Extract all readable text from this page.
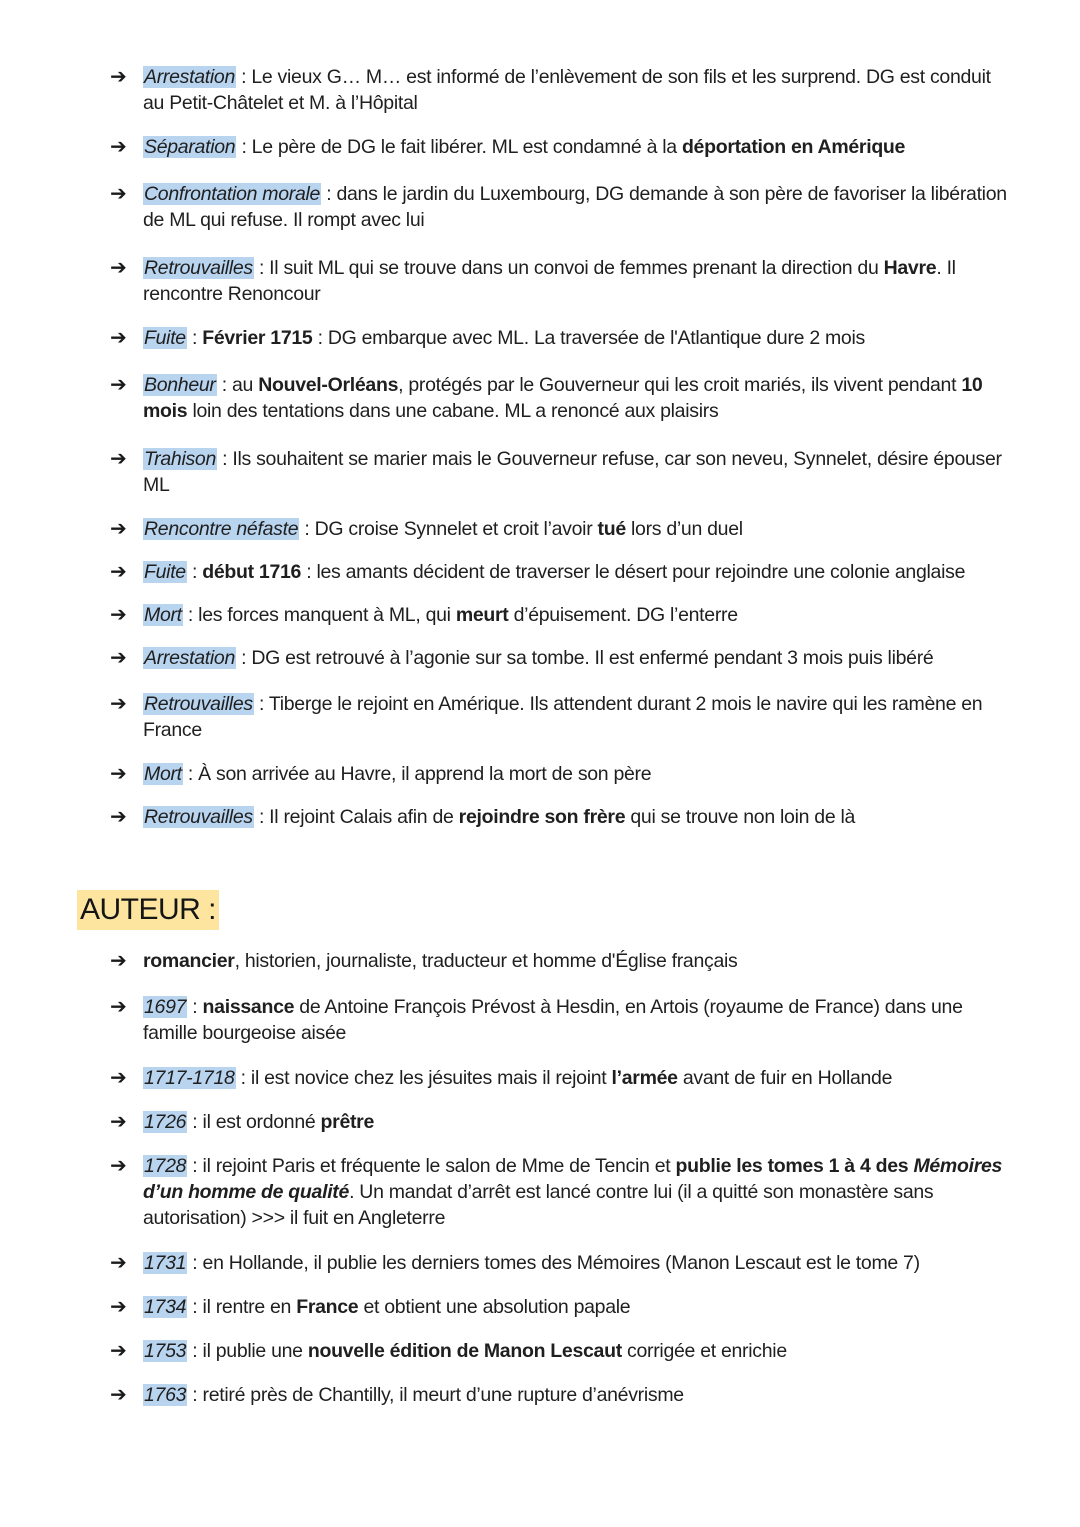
➔ Arrestation : Le vieux G… M… est informé de l’enlèvement de son fils et les surprend. DG est conduit au Petit-Châtelet et M. à l’Hôpital
➔ Séparation : Le père de DG le fait libérer. ML est condamné à la déportation en Amérique
➔ Confrontation morale : dans le jardin du Luxembourg, DG demande à son père de favoriser la libération de ML qui refuse. Il rompt avec lui
➔ Retrouvailles : Il suit ML qui se trouve dans un convoi de femmes prenant la direction du Havre. Il rencontre Renoncour
➔ Fuite : Février 1715 : DG embarque avec ML. La traversée de l'Atlantique dure 2 mois
➔ Bonheur : au Nouvel-Orléans, protégés par le Gouverneur qui les croit mariés, ils vivent pendant 10 mois loin des tentations dans une cabane. ML a renoncé aux plaisirs
➔ Trahison : Ils souhaitent se marier mais le Gouverneur refuse, car son neveu, Synnelet, désire épouser ML
➔ Rencontre néfaste : DG croise Synnelet et croit l’avoir tué lors d’un duel
➔ Fuite : début 1716 : les amants décident de traverser le désert pour rejoindre une colonie anglaise
➔ Mort : les forces manquent à ML, qui meurt d’épuisement. DG l’enterre
➔ Arrestation : DG est retrouvé à l’agonie sur sa tombe. Il est enfermé pendant 3 mois puis libéré
➔ Retrouvailles : Tiberge le rejoint en Amérique. Ils attendent durant 2 mois le navire qui les ramène en France
➔ Mort : À son arrivée au Havre, il apprend la mort de son père
➔ Retrouvailles : Il rejoint Calais afin de rejoindre son frère qui se trouve non loin de là
AUTEUR :
➔ romancier, historien, journaliste, traducteur et homme d'Église français
➔ 1697 : naissance de Antoine François Prévost à Hesdin, en Artois (royaume de France) dans une famille bourgeoise aisée
➔ 1717-1718 : il est novice chez les jésuites mais il rejoint l’armée avant de fuir en Hollande
➔ 1726 : il est ordonné prêtre
➔ 1728 : il rejoint Paris et fréquente le salon de Mme de Tencin et publie les tomes 1 à 4 des Mémoires d’un homme de qualité. Un mandat d’arrêt est lancé contre lui (il a quitté son monastère sans autorisation) >>> il fuit en Angleterre
➔ 1731 : en Hollande, il publie les derniers tomes des Mémoires (Manon Lescaut est le tome 7)
➔ 1734 : il rentre en France et obtient une absolution papale
➔ 1753 : il publie une nouvelle édition de Manon Lescaut corrigée et enrichie
➔ 1763 : retiré près de Chantilly, il meurt d’une rupture d’anévrisme
